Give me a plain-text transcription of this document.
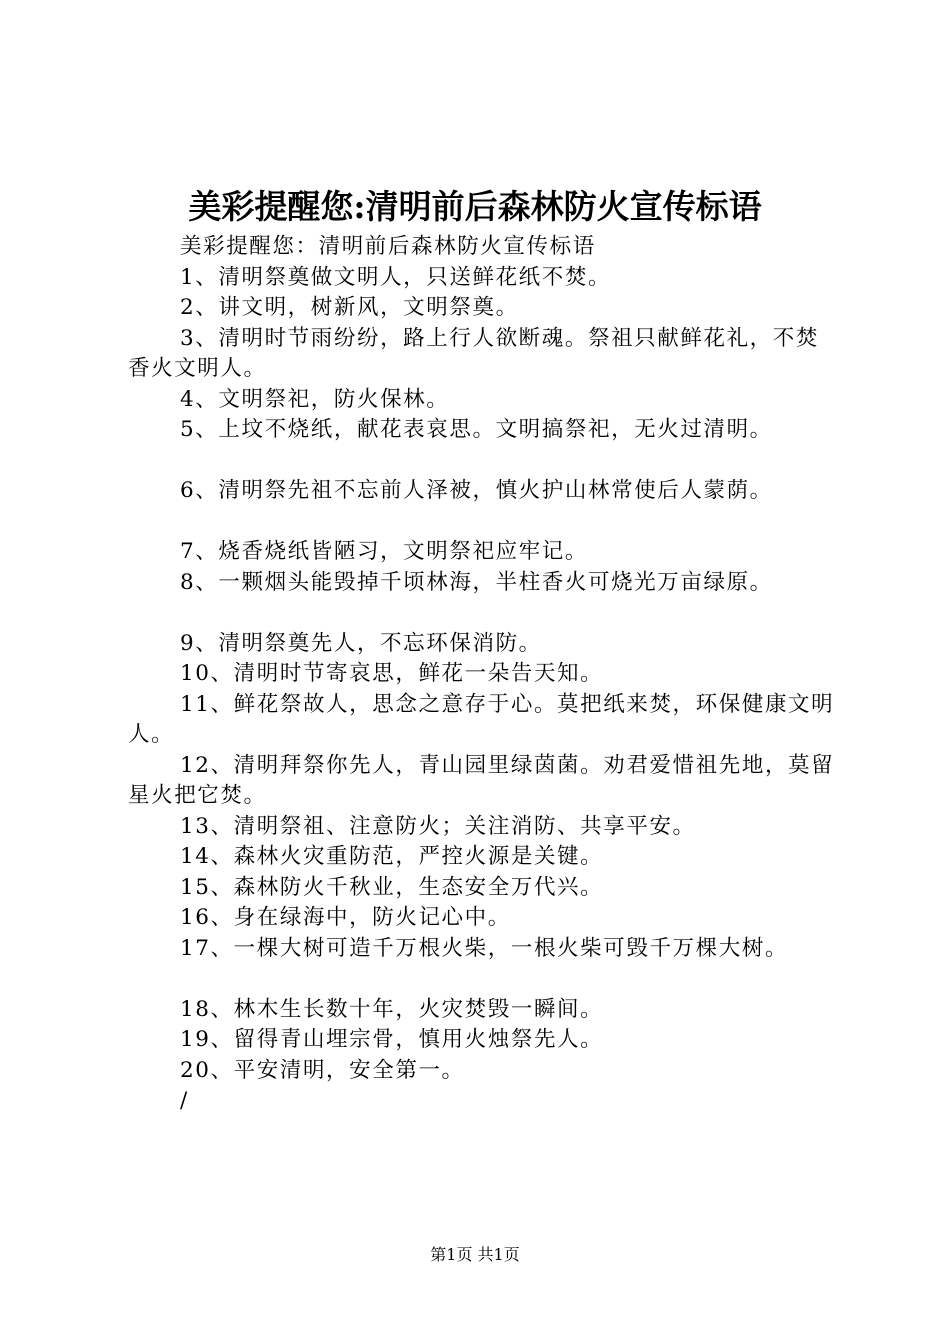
美彩提醒您:清明前后森林防火宣传标语

美彩提醒您：清明前后森林防火宣传标语

1、清明祭奠做文明人，只送鲜花纸不焚。

2、讲文明，树新风，文明祭奠。

3、清明时节雨纷纷，路上行人欲断魂。祭祖只献鲜花礼，不焚香火文明人。

4、文明祭祀，防火保林。

5、上坟不烧纸，献花表哀思。文明搞祭祀，无火过清明。

6、清明祭先祖不忘前人泽被，慎火护山林常使后人蒙荫。

7、烧香烧纸皆陋习，文明祭祀应牢记。

8、一颗烟头能毁掉千顷林海，半柱香火可烧光万亩绿原。

9、清明祭奠先人，不忘环保消防。

10、清明时节寄哀思，鲜花一朵告天知。

11、鲜花祭故人，思念之意存于心。莫把纸来焚，环保健康文明人。

12、清明拜祭你先人，青山园里绿茵菌。劝君爱惜祖先地，莫留星火把它焚。

13、清明祭祖、注意防火；关注消防、共享平安。

14、森林火灾重防范，严控火源是关键。

15、森林防火千秋业，生态安全万代兴。

16、身在绿海中，防火记心中。

17、一棵大树可造千万根火柴，一根火柴可毁千万棵大树。

18、林木生长数十年，火灾焚毁一瞬间。

19、留得青山埋宗骨，慎用火烛祭先人。

20、平安清明，安全第一。

/

第1页 共1页
